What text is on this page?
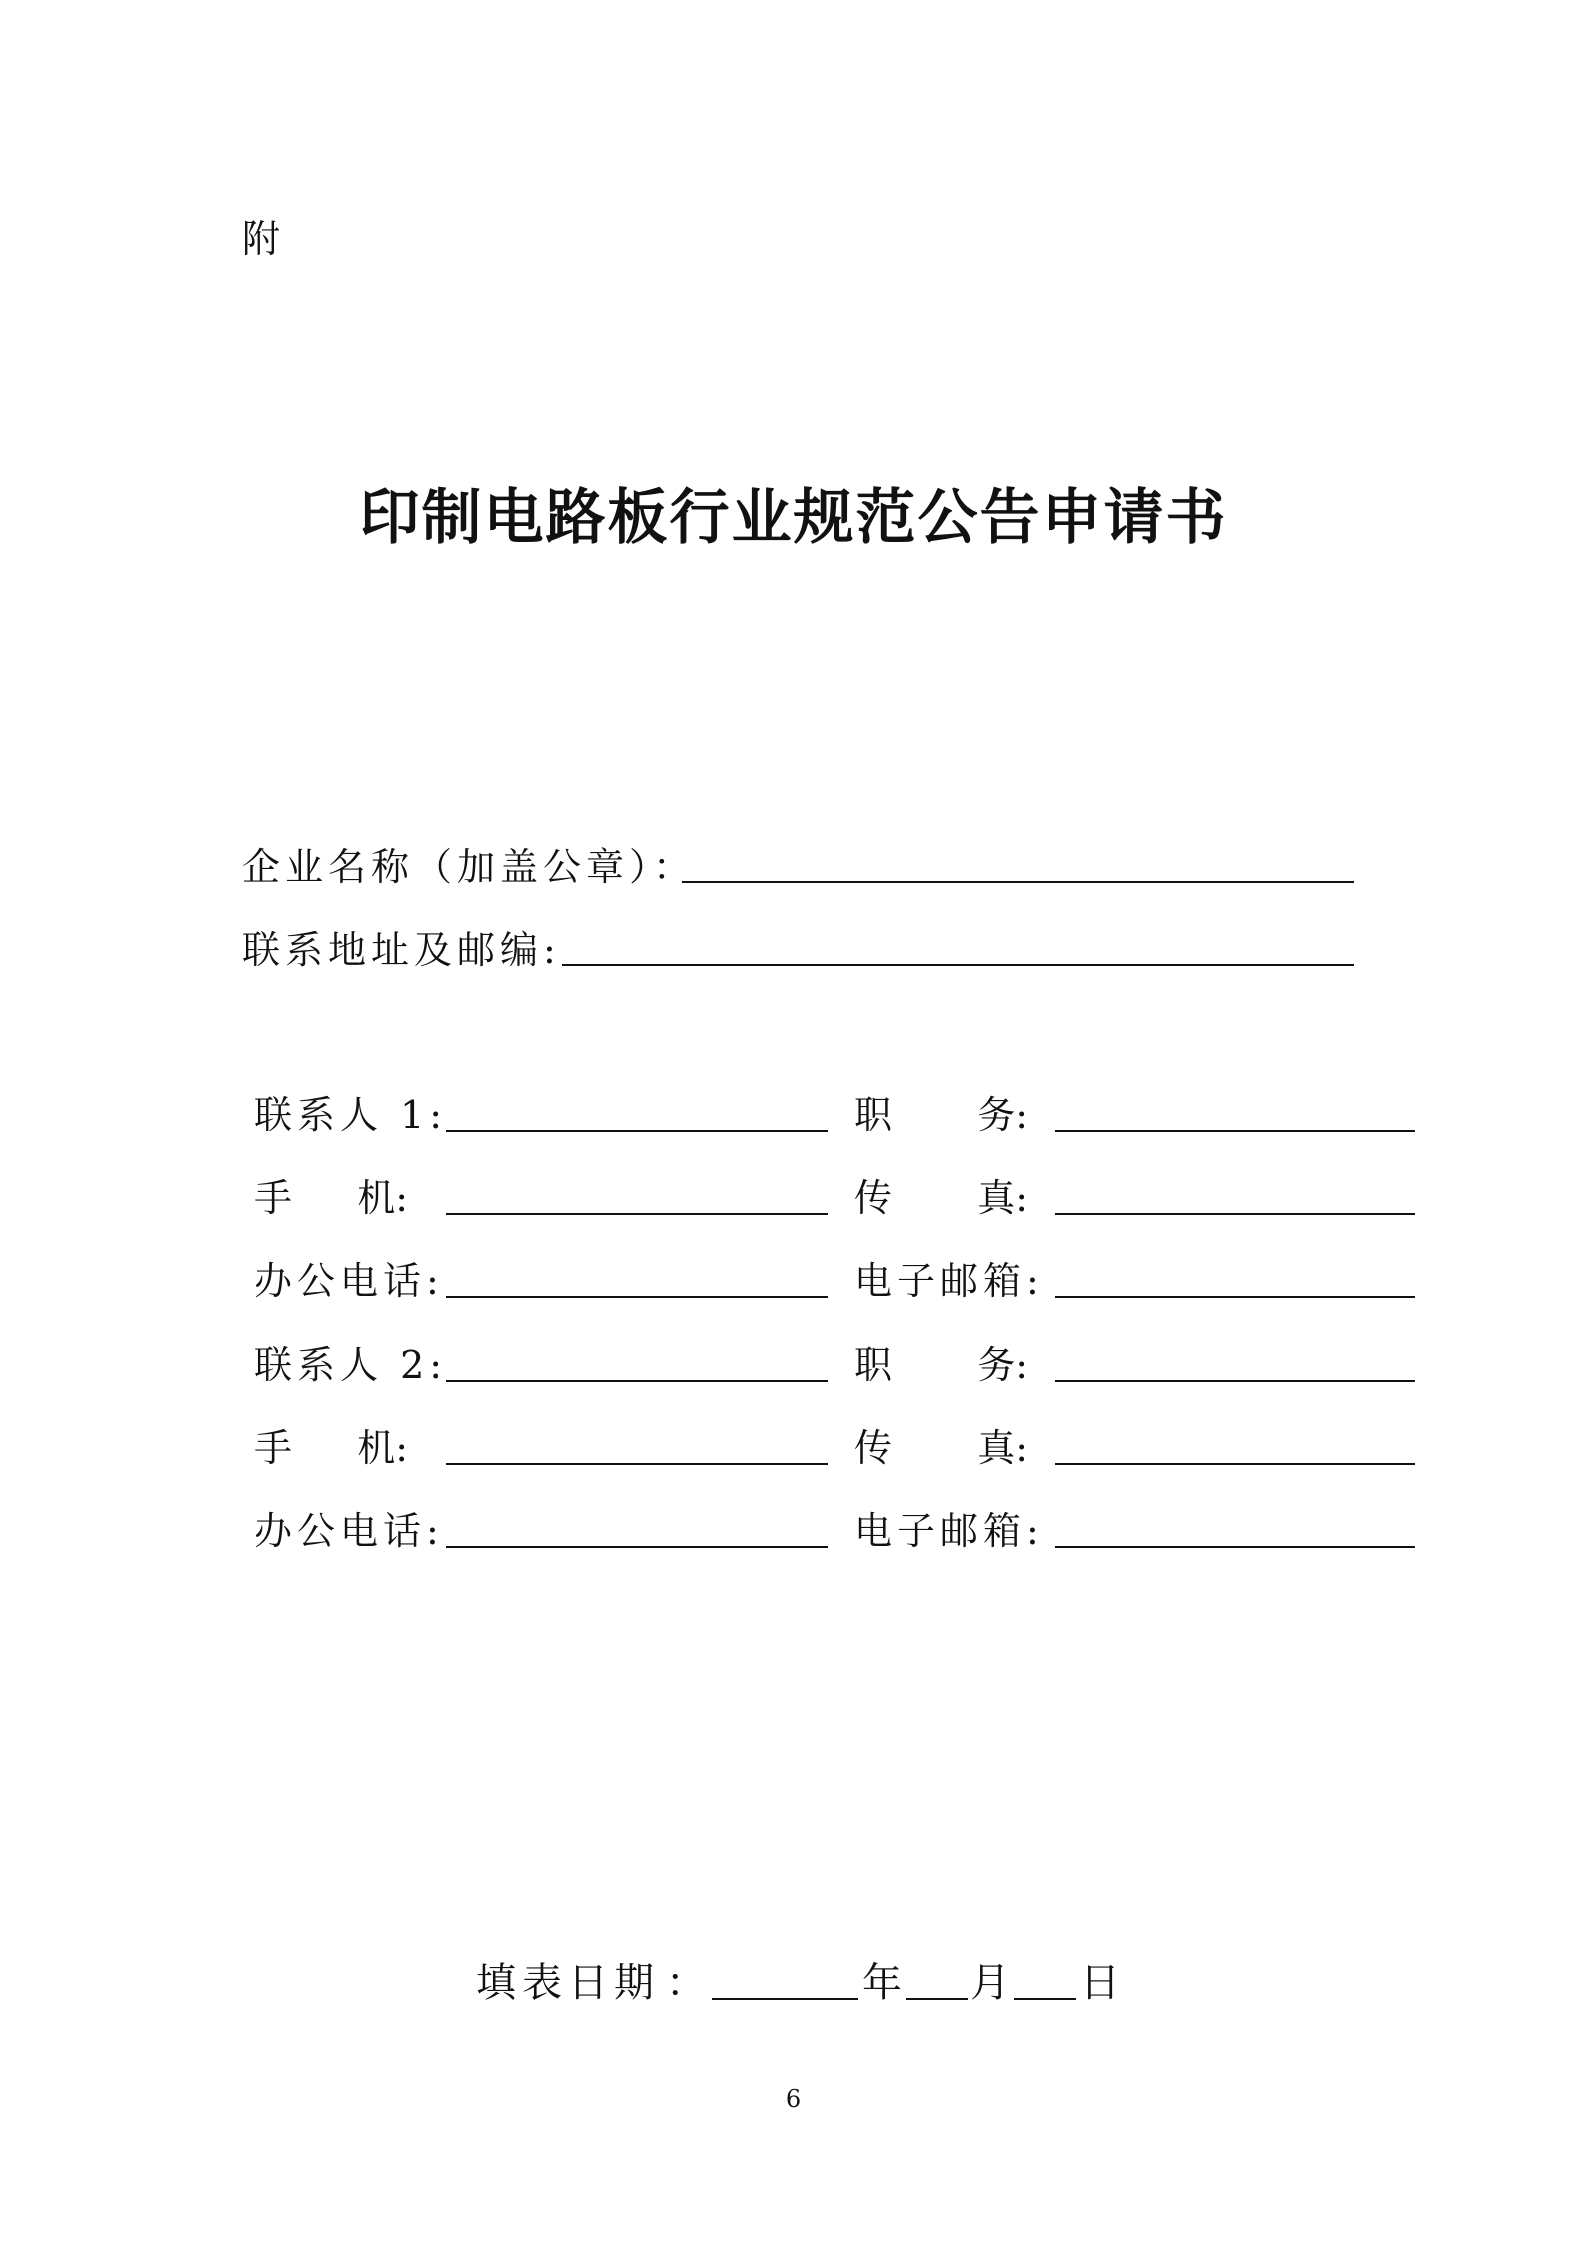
附
印制电路板行业规范公告申请书
企业名称（加盖公章）：
联系地址及邮编:
联系人 1:	职 务:
手 机:	传 真:
办公电话:	电子邮箱:
联系人 2:	职 务:
手 机:	传 真:
办公电话:	电子邮箱:
填表日期 ：	年 月 日
6
